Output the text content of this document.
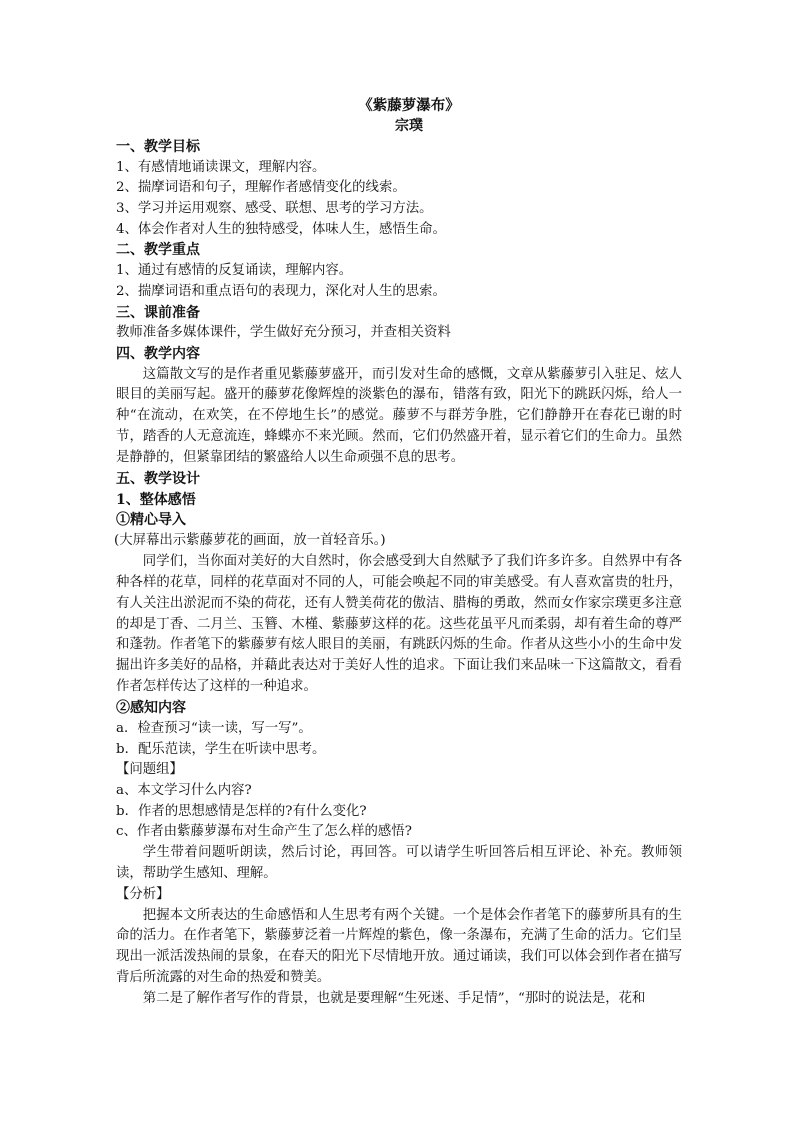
《紫藤萝瀑布》
宗璞
一、教学目标
1、有感情地诵读课文，理解内容。
2、揣摩词语和句子，理解作者感情变化的线索。
3、学习并运用观察、感受、联想、思考的学习方法。
4、体会作者对人生的独特感受，体味人生，感悟生命。
二、教学重点
1、通过有感情的反复诵读，理解内容。
2、揣摩词语和重点语句的表现力，深化对人生的思索。
三、课前准备
教师准备多媒体课件，学生做好充分预习，并查相关资料
四、教学内容
这篇散文写的是作者重见紫藤萝盛开，而引发对生命的感慨，文章从紫藤萝引入驻足、炫人眼目的美丽写起。盛开的藤萝花像辉煌的淡紫色的瀑布，错落有致，阳光下的跳跃闪烁，给人一种“在流动，在欢笑，在不停地生长”的感觉。藤萝不与群芳争胜，它们静静开在春花已谢的时节，踏香的人无意流连，蜂蝶亦不来光顾。然而，它们仍然盛开着，显示着它们的生命力。虽然是静静的，但紧靠团结的繁盛给人以生命顽强不息的思考。
五、教学设计
1、整体感悟
①精心导入
(大屏幕出示紫藤萝花的画面，放一首轻音乐。)
同学们，当你面对美好的大自然时，你会感受到大自然赋予了我们许多许多。自然界中有各种各样的花草，同样的花草面对不同的人，可能会唤起不同的审美感受。有人喜欢富贵的牡丹，有人关注出淤泥而不染的荷花，还有人赞美荷花的傲洁、腊梅的勇敢，然而女作家宗璞更多注意的却是丁香、二月兰、玉簪、木槿、紫藤萝这样的花。这些花虽平凡而柔弱，却有着生命的尊严和蓬勃。作者笔下的紫藤萝有炫人眼目的美丽，有跳跃闪烁的生命。作者从这些小小的生命中发掘出许多美好的品格，并藉此表达对于美好人性的追求。下面让我们来品味一下这篇散文，看看作者怎样传达了这样的一种追求。
②感知内容
a．检查预习“读一读，写一写”。
b．配乐范读，学生在听读中思考。
【问题组】
a、本文学习什么内容?
b．作者的思想感情是怎样的?有什么变化?
c、作者由紫藤萝瀑布对生命产生了怎么样的感悟?
学生带着问题听朗读，然后讨论，再回答。可以请学生听回答后相互评论、补充。教师领读，帮助学生感知、理解。
【分析】
把握本文所表达的生命感悟和人生思考有两个关键。一个是体会作者笔下的藤萝所具有的生命的活力。在作者笔下，紫藤萝泛着一片辉煌的紫色，像一条瀑布，充满了生命的活力。它们呈现出一派活泼热闹的景象，在春天的阳光下尽情地开放。通过诵读，我们可以体会到作者在描写背后所流露的对生命的热爱和赞美。
第二是了解作者写作的背景，也就是要理解“生死迷、手足情”，“那时的说法是，花和
